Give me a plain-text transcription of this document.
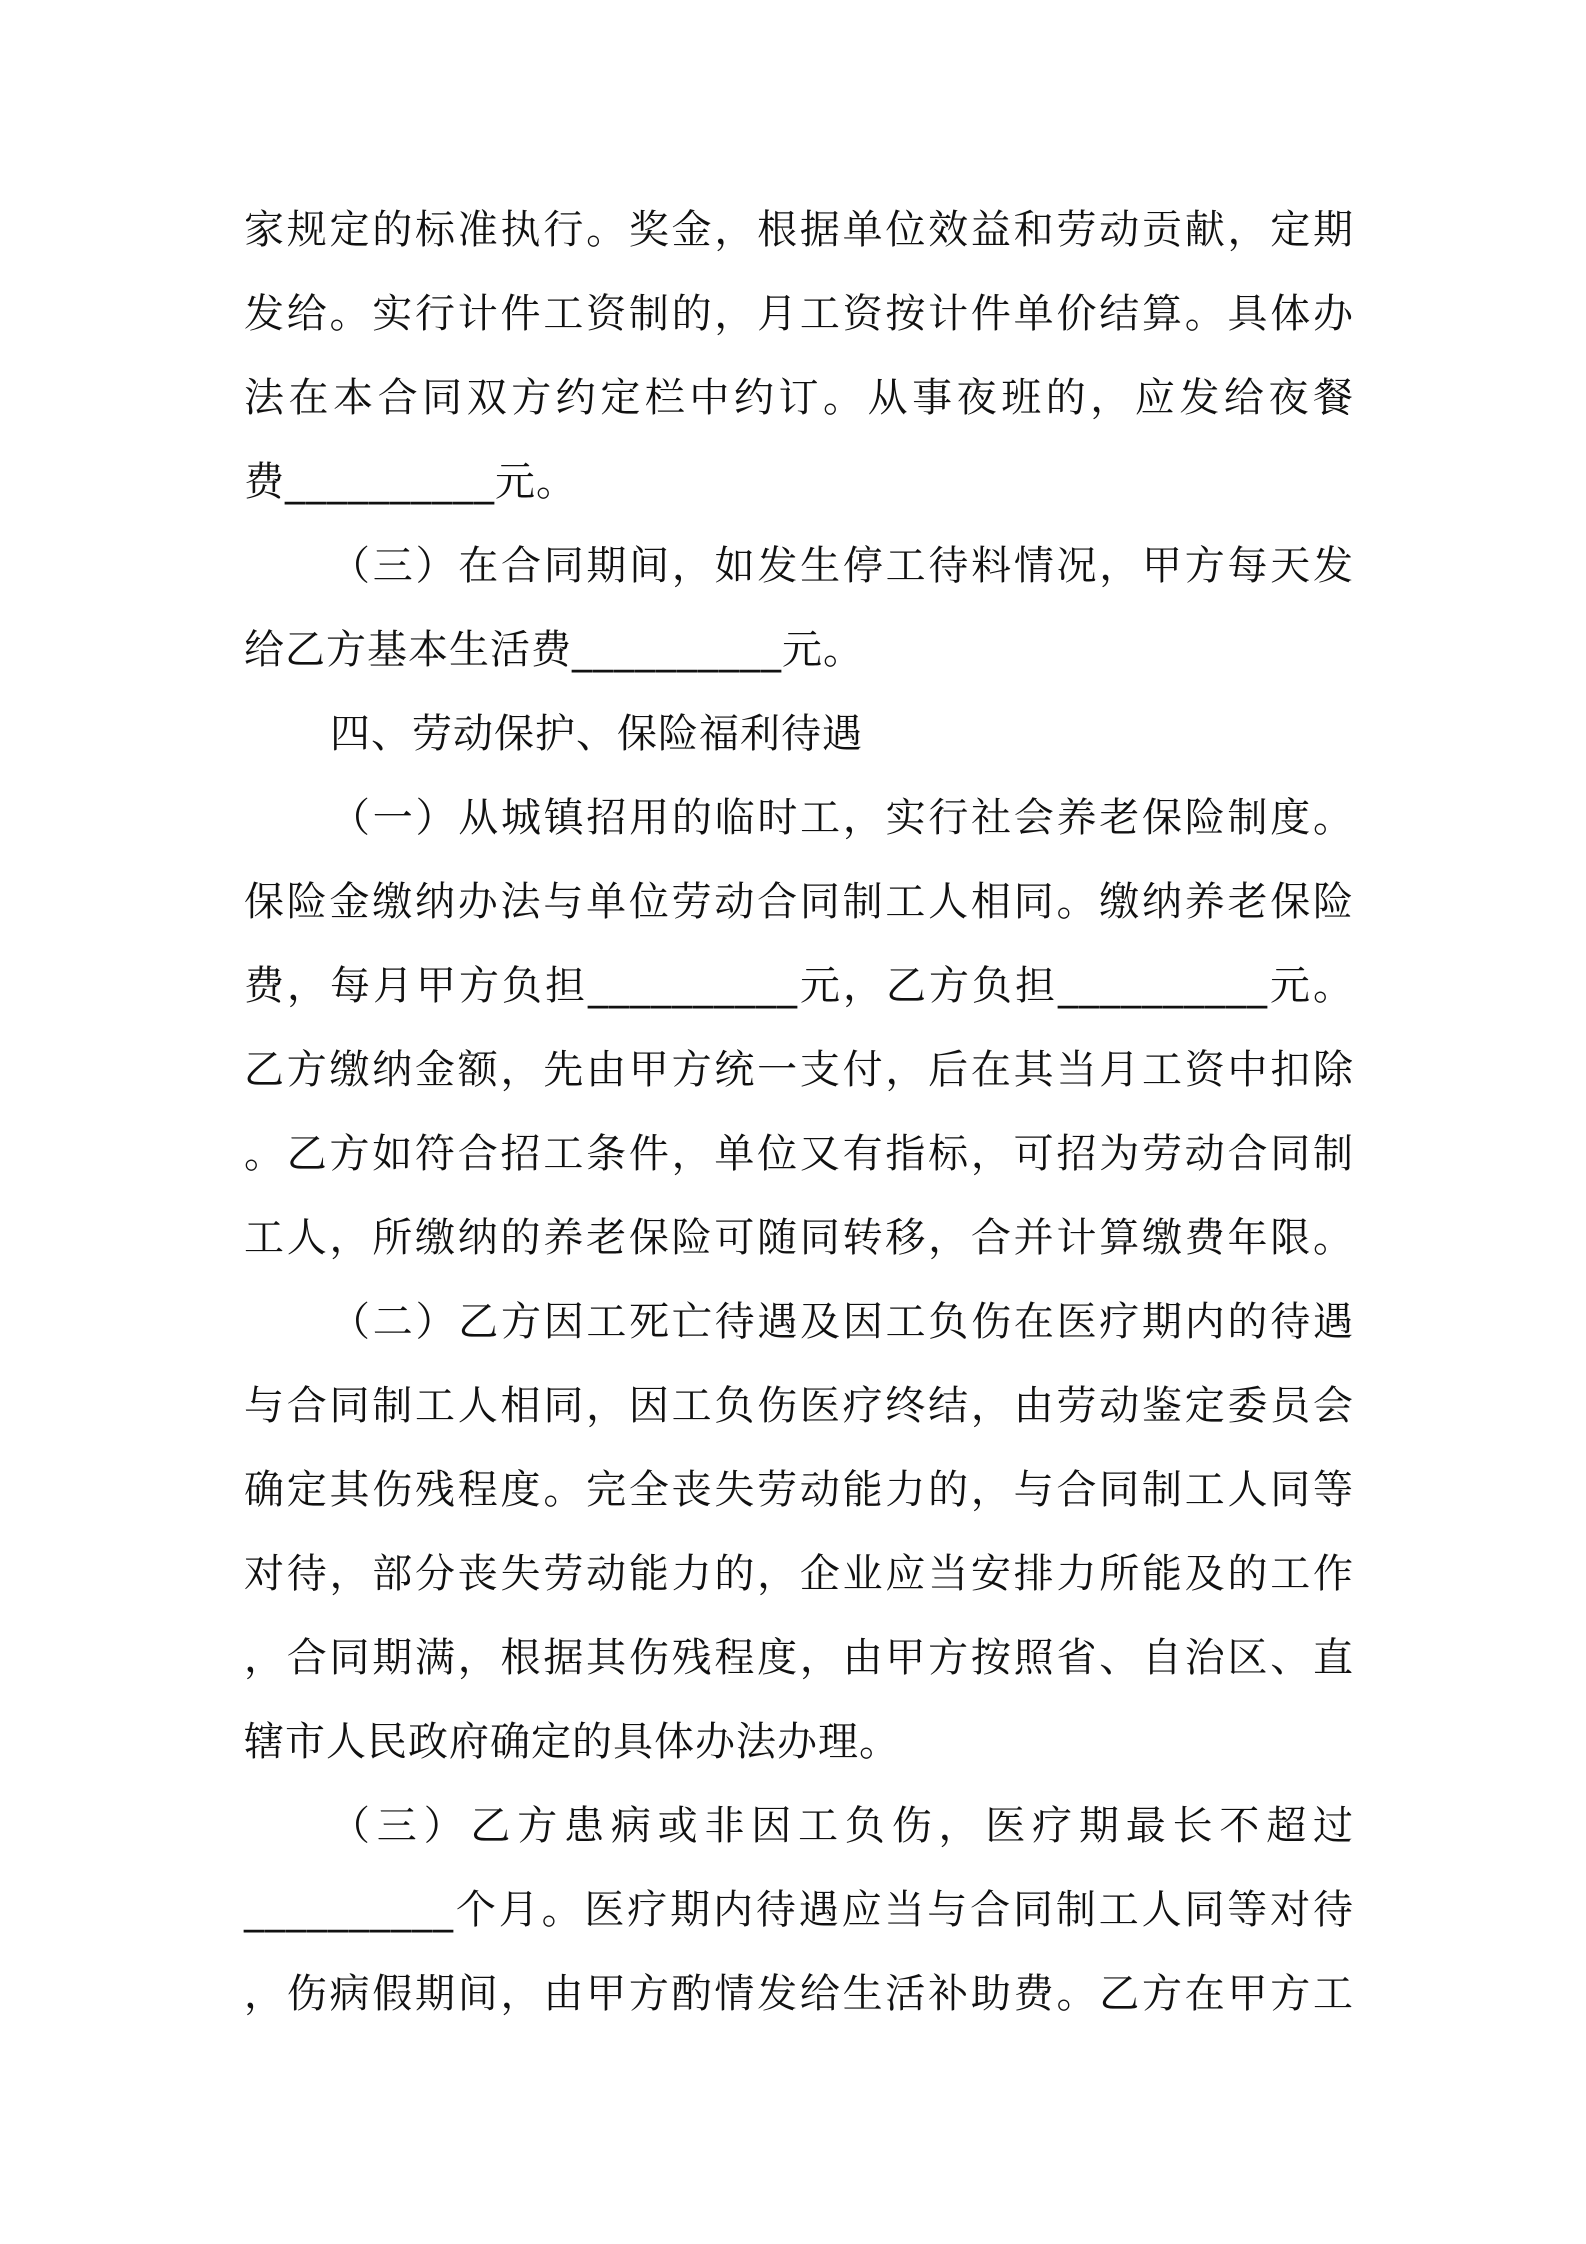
家规定的标准执行。奖金，根据单位效益和劳动贡献，定期
发给。实行计件工资制的，月工资按计件单价结算。具体办
法在本合同双方约定栏中约订。从事夜班的，应发给夜餐
费__________元。
（三）在合同期间，如发生停工待料情况，甲方每天发
给乙方基本生活费__________元。
四、劳动保护、保险福利待遇
（一）从城镇招用的临时工，实行社会养老保险制度。
保险金缴纳办法与单位劳动合同制工人相同。缴纳养老保险
费，每月甲方负担__________元，乙方负担__________元。
乙方缴纳金额，先由甲方统一支付，后在其当月工资中扣除
。乙方如符合招工条件，单位又有指标，可招为劳动合同制
工人，所缴纳的养老保险可随同转移，合并计算缴费年限。
（二）乙方因工死亡待遇及因工负伤在医疗期内的待遇
与合同制工人相同，因工负伤医疗终结，由劳动鉴定委员会
确定其伤残程度。完全丧失劳动能力的，与合同制工人同等
对待，部分丧失劳动能力的，企业应当安排力所能及的工作
，合同期满，根据其伤残程度，由甲方按照省、自治区、直
辖市人民政府确定的具体办法办理。
（三）乙方患病或非因工负伤，医疗期最长不超过
__________个月。医疗期内待遇应当与合同制工人同等对待
，伤病假期间，由甲方酌情发给生活补助费。乙方在甲方工
